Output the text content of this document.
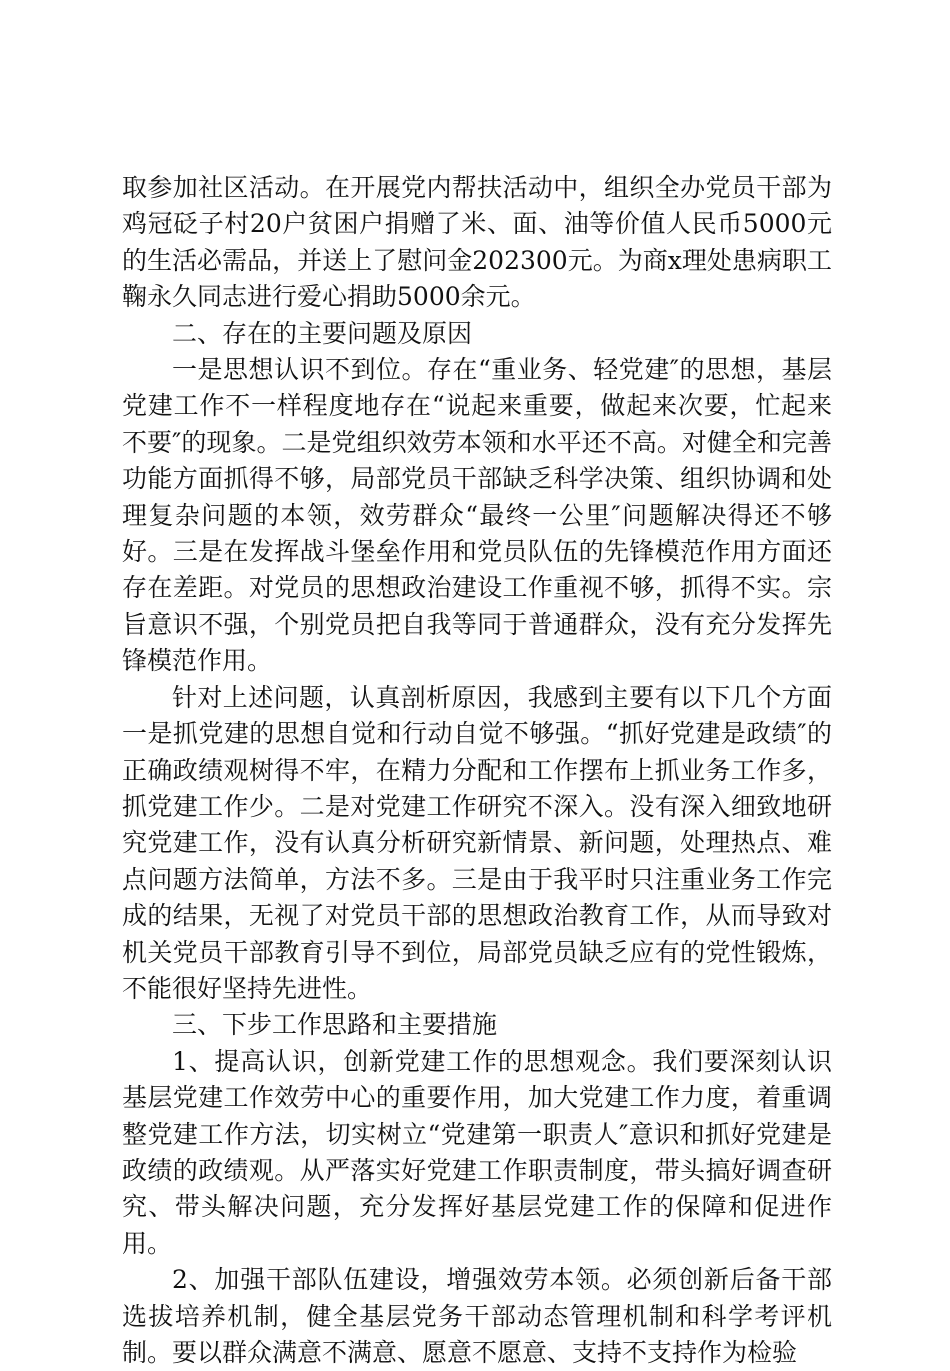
取参加社区活动。在开展党内帮扶活动中，组织全办党员干部为鸡冠砭子村20户贫困户捐赠了米、面、油等价值人民币5000元的生活必需品，并送上了慰问金202300元。为商x理处患病职工鞠永久同志进行爱心捐助5000余元。

二、存在的主要问题及原因

一是思想认识不到位。存在“重业务、轻党建″的思想，基层党建工作不一样程度地存在“说起来重要，做起来次要，忙起来不要″的现象。二是党组织效劳本领和水平还不高。对健全和完善功能方面抓得不够，局部党员干部缺乏科学决策、组织协调和处理复杂问题的本领，效劳群众“最终一公里″问题解决得还不够好。三是在发挥战斗堡垒作用和党员队伍的先锋模范作用方面还存在差距。对党员的思想政治建设工作重视不够，抓得不实。宗旨意识不强，个别党员把自我等同于普通群众，没有充分发挥先锋模范作用。

针对上述问题，认真剖析原因，我感到主要有以下几个方面一是抓党建的思想自觉和行动自觉不够强。“抓好党建是政绩″的正确政绩观树得不牢，在精力分配和工作摆布上抓业务工作多，抓党建工作少。二是对党建工作研究不深入。没有深入细致地研究党建工作，没有认真分析研究新情景、新问题，处理热点、难点问题方法简单，方法不多。三是由于我平时只注重业务工作完成的结果，无视了对党员干部的思想政治教育工作，从而导致对机关党员干部教育引导不到位，局部党员缺乏应有的党性锻炼，不能很好坚持先进性。

三、下步工作思路和主要措施

1、提高认识，创新党建工作的思想观念。我们要深刻认识基层党建工作效劳中心的重要作用，加大党建工作力度，着重调整党建工作方法，切实树立“党建第一职责人″意识和抓好党建是政绩的政绩观。从严落实好党建工作职责制度，带头搞好调查研究、带头解决问题，充分发挥好基层党建工作的保障和促进作用。

2、加强干部队伍建设，增强效劳本领。必须创新后备干部选拔培养机制，健全基层党务干部动态管理机制和科学考评机制。要以群众满意不满意、愿意不愿意、支持不支持作为检验
